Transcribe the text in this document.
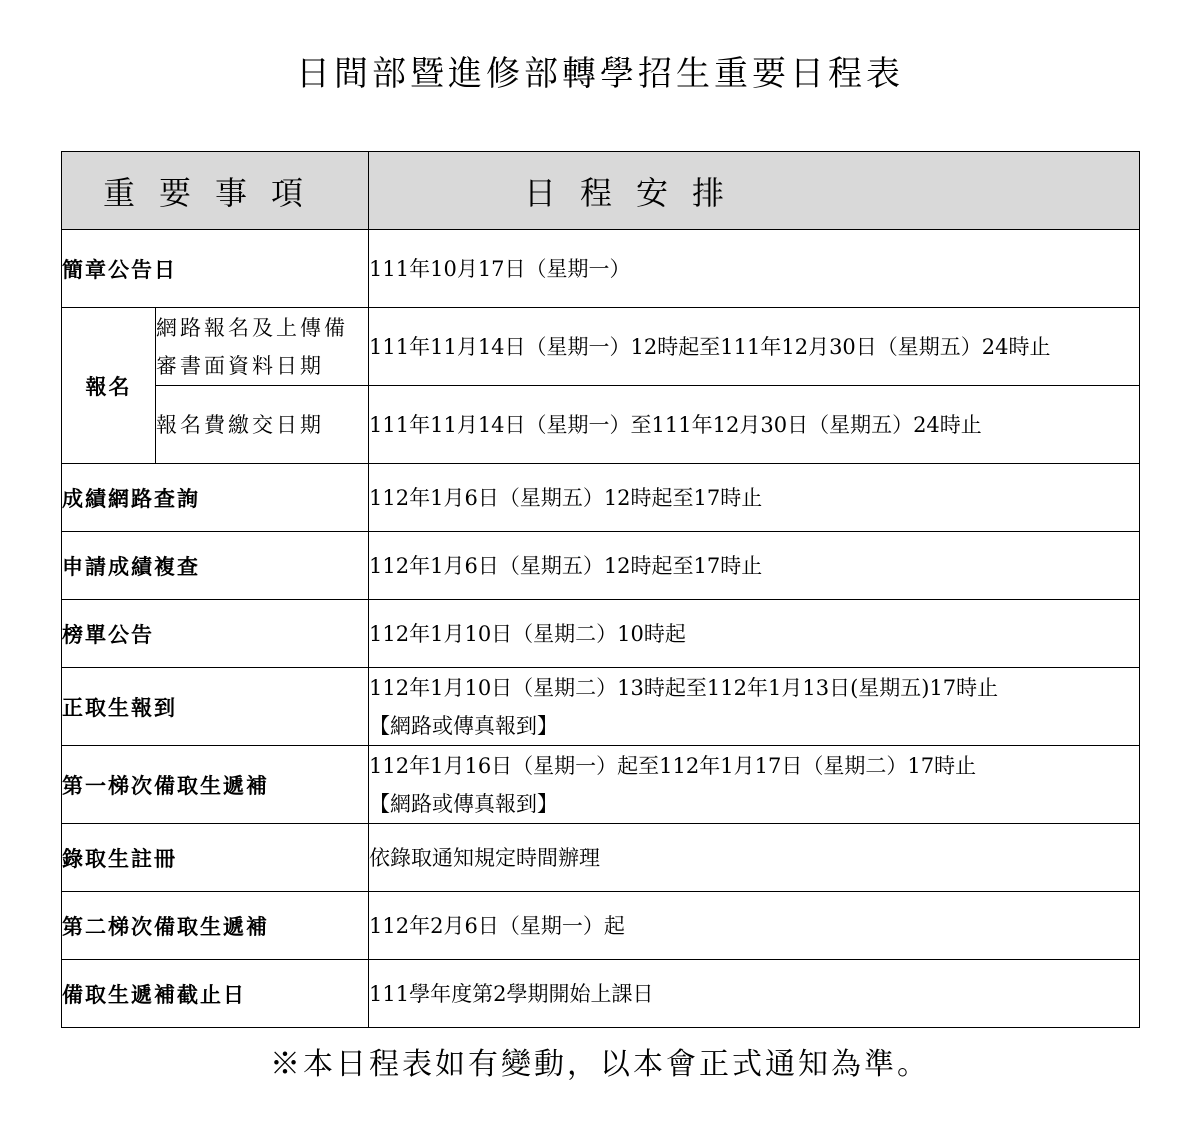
日間部暨進修部轉學招生重要日程表
重要事項		日程安排
簡章公告日		111年10月17日（星期一）
報名	網路報名及上傳備審書面資料日期	111年11月14日（星期一）12時起至111年12月30日（星期五）24時止
	報名費繳交日期	111年11月14日（星期一）至111年12月30日（星期五）24時止
成績網路查詢		112年1月6日（星期五）12時起至17時止
申請成績複查		112年1月6日（星期五）12時起至17時止
榜單公告		112年1月10日（星期二）10時起
正取生報到		112年1月10日（星期二）13時起至112年1月13日(星期五)17時止
【網路或傳真報到】

第一梯次備取生遞補		112年1月16日（星期一）起至112年1月17日（星期二）17時止
【網路或傳真報到】

錄取生註冊		依錄取通知規定時間辦理
第二梯次備取生遞補		112年2月6日（星期一）起
備取生遞補截止日		111學年度第2學期開始上課日
※本日程表如有變動，以本會正式通知為準。
